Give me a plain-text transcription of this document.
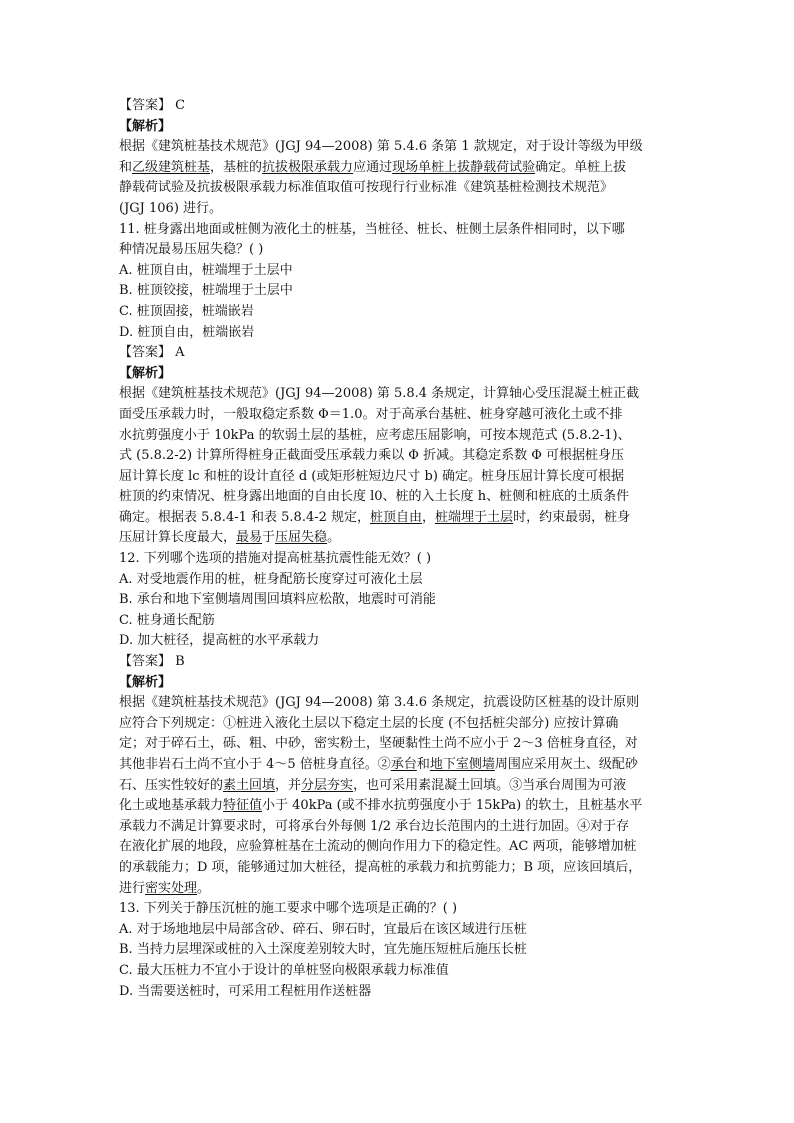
【答案】 C
【解析】
根据《建筑桩基技术规范》(JGJ 94—2008) 第 5.4.6 条第 1 款规定，对于设计等级为甲级
和乙级建筑桩基，基桩的抗拔极限承载力应通过现场单桩上拔静载荷试验确定。单桩上拔
静载荷试验及抗拔极限承载力标准值取值可按现行行业标准《建筑基桩检测技术规范》
(JGJ 106) 进行。
11. 桩身露出地面或桩侧为液化土的桩基，当桩径、桩长、桩侧土层条件相同时，以下哪
种情况最易压屈失稳？( )
A. 桩顶自由，桩端埋于土层中
B. 桩顶铰接，桩端埋于土层中
C. 桩顶固接，桩端嵌岩
D. 桩顶自由，桩端嵌岩
【答案】 A
【解析】
根据《建筑桩基技术规范》(JGJ 94—2008) 第 5.8.4 条规定，计算轴心受压混凝土桩正截
面受压承载力时，一般取稳定系数 Φ＝1.0。对于高承台基桩、桩身穿越可液化土或不排
水抗剪强度小于 10kPa 的软弱土层的基桩，应考虑压屈影响，可按本规范式 (5.8.2-1)、
式 (5.8.2-2) 计算所得桩身正截面受压承载力乘以 Φ 折减。其稳定系数 Φ 可根据桩身压
屈计算长度 lc 和桩的设计直径 d (或矩形桩短边尺寸 b) 确定。桩身压屈计算长度可根据
桩顶的约束情况、桩身露出地面的自由长度 l0、桩的入土长度 h、桩侧和桩底的土质条件
确定。根据表 5.8.4-1 和表 5.8.4-2 规定，桩顶自由，桩端埋于土层时，约束最弱，桩身
压屈计算长度最大，最易于压屈失稳。
12. 下列哪个选项的措施对提高桩基抗震性能无效？( )
A. 对受地震作用的桩，桩身配筋长度穿过可液化土层
B. 承台和地下室侧墙周围回填料应松散，地震时可消能
C. 桩身通长配筋
D. 加大桩径，提高桩的水平承载力
【答案】 B
【解析】
根据《建筑桩基技术规范》(JGJ 94—2008) 第 3.4.6 条规定，抗震设防区桩基的设计原则
应符合下列规定：①桩进入液化土层以下稳定土层的长度 (不包括桩尖部分) 应按计算确
定；对于碎石土，砾、粗、中砂，密实粉土，坚硬黏性土尚不应小于 2～3 倍桩身直径，对
其他非岩石土尚不宜小于 4～5 倍桩身直径。②承台和地下室侧墙周围应采用灰土、级配砂
石、压实性较好的素土回填，并分层夯实，也可采用素混凝土回填。③当承台周围为可液
化土或地基承载力特征值小于 40kPa (或不排水抗剪强度小于 15kPa) 的软土，且桩基水平
承载力不满足计算要求时，可将承台外每侧 1/2 承台边长范围内的土进行加固。④对于存
在液化扩展的地段，应验算桩基在土流动的侧向作用力下的稳定性。AC 两项，能够增加桩
的承载能力；D 项，能够通过加大桩径，提高桩的承载力和抗剪能力；B 项，应该回填后，
进行密实处理。
13. 下列关于静压沉桩的施工要求中哪个选项是正确的？( )
A. 对于场地地层中局部含砂、碎石、卵石时，宜最后在该区域进行压桩
B. 当持力层埋深或桩的入土深度差别较大时，宜先施压短桩后施压长桩
C. 最大压桩力不宜小于设计的单桩竖向极限承载力标准值
D. 当需要送桩时，可采用工程桩用作送桩器
